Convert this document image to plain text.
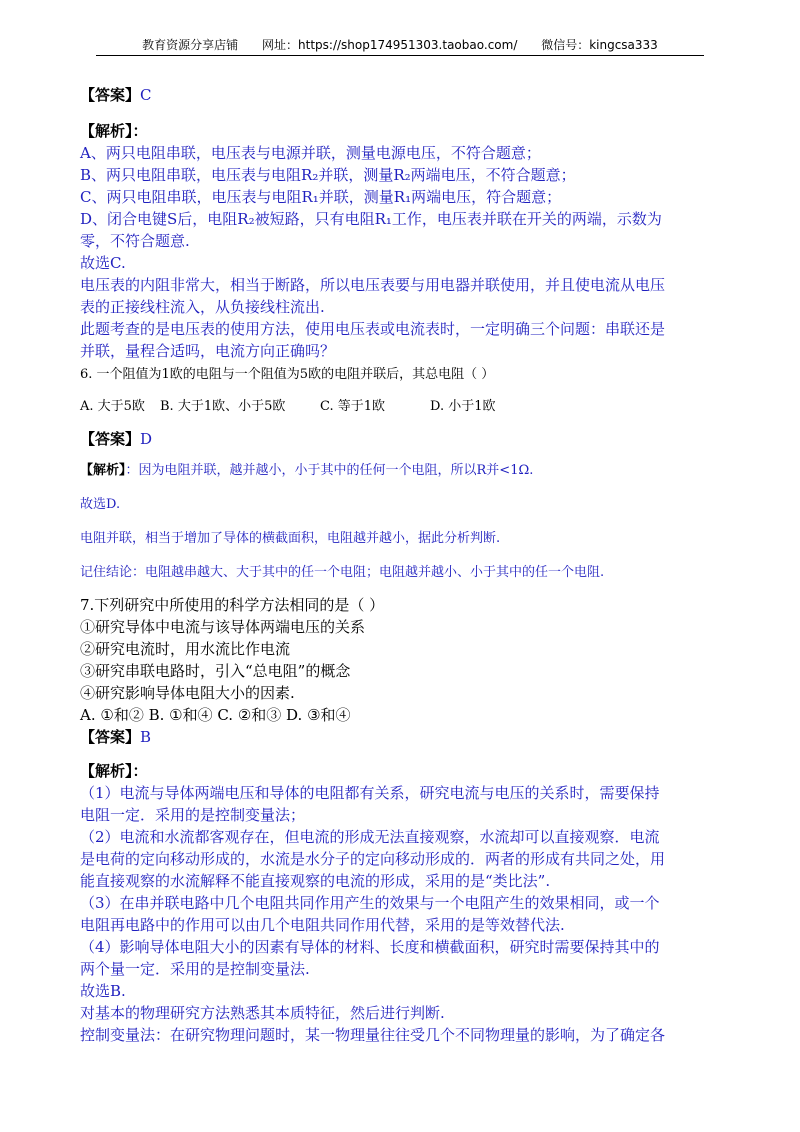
教育资源分享店铺 网址：https://shop174951303.taobao.com/ 微信号：kingcsa333
【答案】C
【解析】：
A、两只电阻串联，电压表与电源并联，测量电源电压，不符合题意；
B、两只电阻串联，电压表与电阻R₂并联，测量R₂两端电压，不符合题意；
C、两只电阻串联，电压表与电阻R₁并联，测量R₁两端电压，符合题意；
D、闭合电键S后，电阻R₂被短路，只有电阻R₁工作，电压表并联在开关的两端，示数为
零，不符合题意.
故选C.
电压表的内阻非常大，相当于断路，所以电压表要与用电器并联使用，并且使电流从电压
表的正接线柱流入，从负接线柱流出.
此题考查的是电压表的使用方法，使用电压表或电流表时，一定明确三个问题：串联还是
并联，量程合适吗，电流方向正确吗？
6. 一个阻值为1欧的电阻与一个阻值为5欧的电阻并联后，其总电阻（ ）
A. 大于5欧 B. 大于1欧、小于5欧	C. 等于1欧	D. 小于1欧
【答案】D
【解析】：因为电阻并联，越并越小，小于其中的任何一个电阻，所以R并<1Ω.
故选D.
电阻并联，相当于增加了导体的横截面积，电阻越并越小，据此分析判断.
记住结论：电阻越串越大、大于其中的任一个电阻；电阻越并越小、小于其中的任一个电阻.
7.下列研究中所使用的科学方法相同的是（ ）
①研究导体中电流与该导体两端电压的关系
②研究电流时，用水流比作电流
③研究串联电路时，引入“总电阻”的概念
④研究影响导体电阻大小的因素.
A. ①和② B. ①和④ C. ②和③ D. ③和④
【答案】B
【解析】：
（1）电流与导体两端电压和导体的电阻都有关系，研究电流与电压的关系时，需要保持
电阻一定．采用的是控制变量法；
（2）电流和水流都客观存在，但电流的形成无法直接观察，水流却可以直接观察．电流
是电荷的定向移动形成的，水流是水分子的定向移动形成的．两者的形成有共同之处，用
能直接观察的水流解释不能直接观察的电流的形成，采用的是“类比法”.
（3）在串并联电路中几个电阻共同作用产生的效果与一个电阻产生的效果相同，或一个
电阻再电路中的作用可以由几个电阻共同作用代替，采用的是等效替代法.
（4）影响导体电阻大小的因素有导体的材料、长度和横截面积，研究时需要保持其中的
两个量一定．采用的是控制变量法.
故选B.
对基本的物理研究方法熟悉其本质特征，然后进行判断.
控制变量法：在研究物理问题时，某一物理量往往受几个不同物理量的影响，为了确定各
